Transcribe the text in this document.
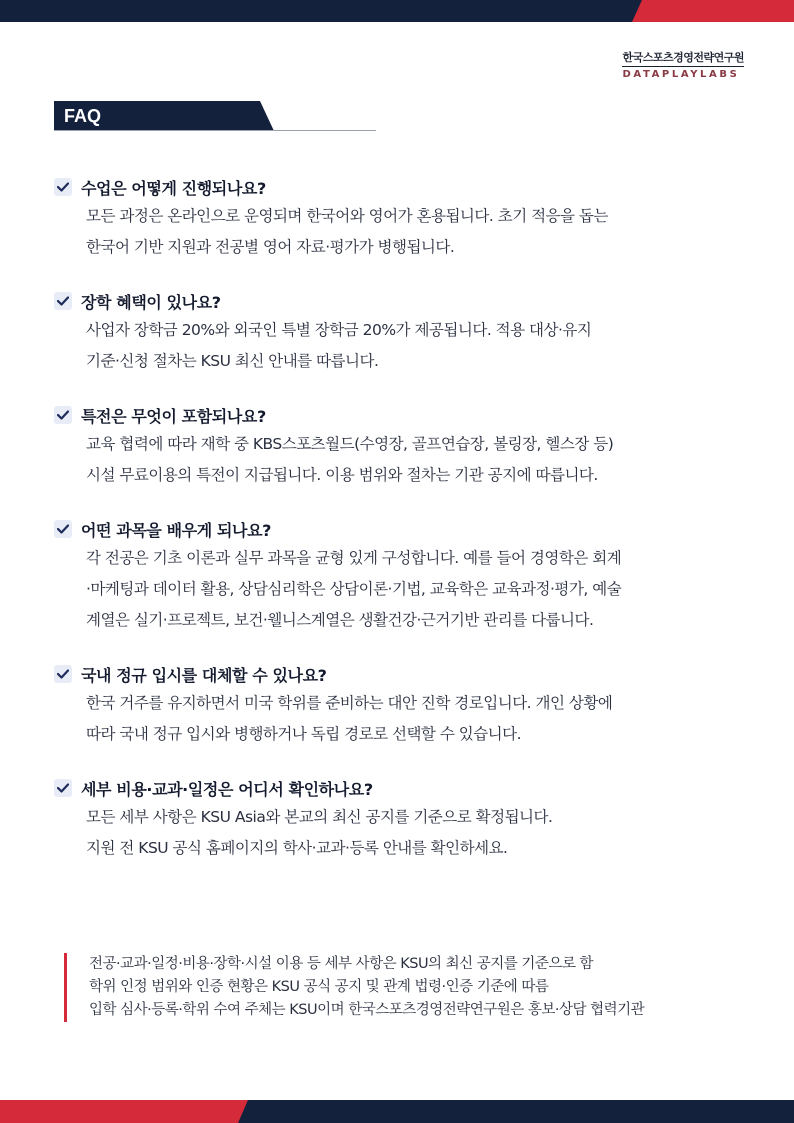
한국스포츠경영전략연구원
DATAPLAYLABS
FAQ
수업은 어떻게 진행되나요?
모든 과정은 온라인으로 운영되며 한국어와 영어가 혼용됩니다. 초기 적응을 돕는
한국어 기반 지원과 전공별 영어 자료·평가가 병행됩니다.
장학 혜택이 있나요?
사업자 장학금 20%와 외국인 특별 장학금 20%가 제공됩니다. 적용 대상·유지
기준·신청 절차는 KSU 최신 안내를 따릅니다.
특전은 무엇이 포함되나요?
교육 협력에 따라 재학 중 KBS스포츠월드(수영장, 골프연습장, 볼링장, 헬스장 등)
시설 무료이용의 특전이 지급됩니다. 이용 범위와 절차는 기관 공지에 따릅니다.
어떤 과목을 배우게 되나요?
각 전공은 기초 이론과 실무 과목을 균형 있게 구성합니다. 예를 들어 경영학은 회계
·마케팅과 데이터 활용, 상담심리학은 상담이론·기법, 교육학은 교육과정·평가, 예술
계열은 실기·프로젝트, 보건·웰니스계열은 생활건강·근거기반 관리를 다룹니다.
국내 정규 입시를 대체할 수 있나요?
한국 거주를 유지하면서 미국 학위를 준비하는 대안 진학 경로입니다. 개인 상황에
따라 국내 정규 입시와 병행하거나 독립 경로로 선택할 수 있습니다.
세부 비용·교과·일정은 어디서 확인하나요?
모든 세부 사항은 KSU Asia와 본교의 최신 공지를 기준으로 확정됩니다.
지원 전 KSU 공식 홈페이지의 학사·교과·등록 안내를 확인하세요.
전공·교과·일정·비용·장학·시설 이용 등 세부 사항은 KSU의 최신 공지를 기준으로 함
학위 인정 범위와 인증 현황은 KSU 공식 공지 및 관계 법령·인증 기준에 따름
입학 심사·등록·학위 수여 주체는 KSU이며 한국스포츠경영전략연구원은 홍보·상담 협력기관
